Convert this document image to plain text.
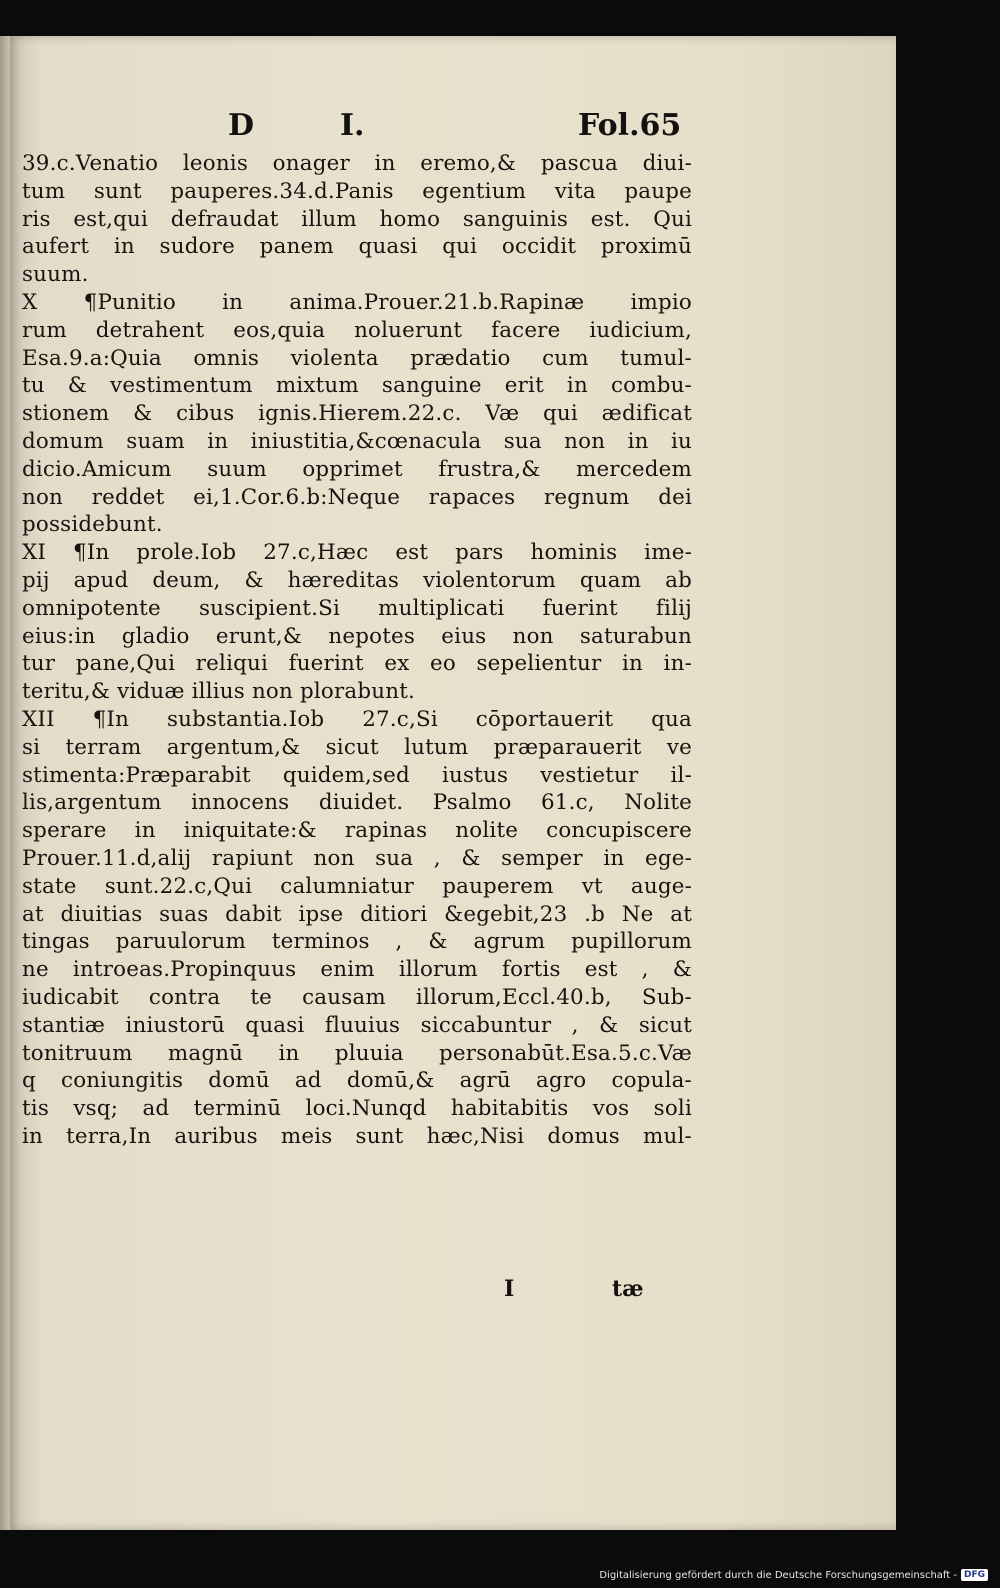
D	I.	Fol.65
39.c.Venatio leonis onager in eremo,& pascua diui-
tum sunt pauperes.34.d.Panis egentium vita paupe
ris est,qui defraudat illum homo sanguinis est. Qui
aufert in sudore panem quasi qui occidit proximū
suum.
X ¶Punitio in anima.Prouer.21.b.Rapinæ impio
rum detrahent eos,quia noluerunt facere iudicium,
Esa.9.a:Quia omnis violenta prædatio cum tumul-
tu & vestimentum mixtum sanguine erit in combu-
stionem & cibus ignis.Hierem.22.c. Væ qui ædificat
domum suam in iniustitia,&cœnacula sua non in iu
dicio.Amicum suum opprimet frustra,& mercedem
non reddet ei,1.Cor.6.b:Neque rapaces regnum dei
possidebunt.
XI ¶In prole.Iob 27.c,Hæc est pars hominis ime-
pij apud deum, & hæreditas violentorum quam ab
omnipotente suscipient.Si multiplicati fuerint filij
eius:in gladio erunt,& nepotes eius non saturabun
tur pane,Qui reliqui fuerint ex eo sepelientur in in-
teritu,& viduæ illius non plorabunt.
XII ¶In substantia.Iob 27.c,Si cōportauerit qua
si terram argentum,& sicut lutum præparauerit ve
stimenta:Præparabit quidem,sed iustus vestietur il-
lis,argentum innocens diuidet. Psalmo 61.c, Nolite
sperare in iniquitate:& rapinas nolite concupiscere
Prouer.11.d,alij rapiunt non sua , & semper in ege-
state sunt.22.c,Qui calumniatur pauperem vt auge-
at diuitias suas dabit ipse ditiori &egebit,23 .b Ne at
tingas paruulorum terminos , & agrum pupillorum
ne introeas.Propinquus enim illorum fortis est , &
iudicabit contra te causam illorum,Eccl.40.b, Sub-
stantiæ iniustorū quasi fluuius siccabuntur , & sicut
tonitruum magnū in pluuia personabūt.Esa.5.c.Væ
q coniungitis domū ad domū,& agrū agro copula-
tis vsq; ad terminū loci.Nunqd habitabitis vos soli
in terra,In auribus meis sunt hæc,Nisi domus mul-
I	tæ
Digitalisierung gefördert durch die Deutsche Forschungsgemeinschaft - DFG
